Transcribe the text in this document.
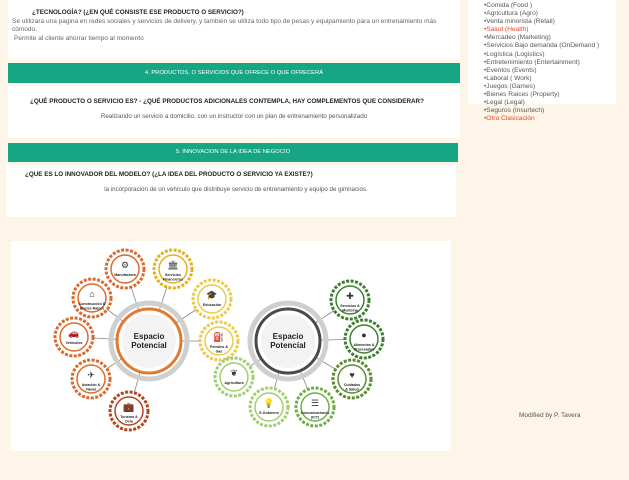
¿TECNOLOGÍA? (¿EN QUÉ CONSISTE ESE PRODUCTO O SERVICIO?)
Se utilizara una pagina en redes sociales y servicios de delivery, y también se utiliza todo tipo de pesas y equipamiento para un entrenamiento más
cómodo.
Permite al cliente ahorrar tiempo al momento
4. PRODUCTOS, O SERVICIOS QUE OFRECE O QUE OFRECERÁ
¿QUÉ PRODUCTO O SERVICIO ES? - ¿QUÉ PRODUCTOS ADICIONALES CONTEMPLA, HAY COMPLEMENTOS QUE CONSIDERAR?
Realizando un servicio a domicilio, con un instructor con un plan de entrenamiento personalizado
5. INNOVACION DE LA IDEA DE NEGOCIO
¿QUE ES LO INNOVADOR DEL MODELO? (¿LA IDEA DEL PRODUCTO O SERVICIO YA EXISTE?)
la incorporación de un vehículo que distribuye servicio de entrenamiento y equipo de gimnacios.
•Comida (Food )
•Agricultura (Agro)
•Venta minorista (Retail)
•Salud (Health)
•Mercadeo (Marketing)
•Servicios Bajo demanda (OnDemand )
•Logística (Logistics)
•Entretenimiento (Entertainment)
•Eventos (Events)
•Laboral ( Work)
•Juegos (Games)
•Bienes Raices (Property)
•Legal (Legal)
•Seguros (Insurtech)
•Otra Clasicación
⚙
Manufactura
🏛
Servicios Financieros
🎓
Educación
⛽
Petróleo & Gas
💼
Turismo & Ocio
✈
Aviación & Naval
🚗
Vehículos
⌂
Construcción & Bienes Raíces
✚
Servicios & Medicina
●
Alimentos & Procesados
♥
Cuidados & Salud
☰
Comunicaciones (ICT)
💡
E-Gobierno
❦
Agricultura
Espacio Potencial
Espacio Potencial
Modified by P. Tavera
